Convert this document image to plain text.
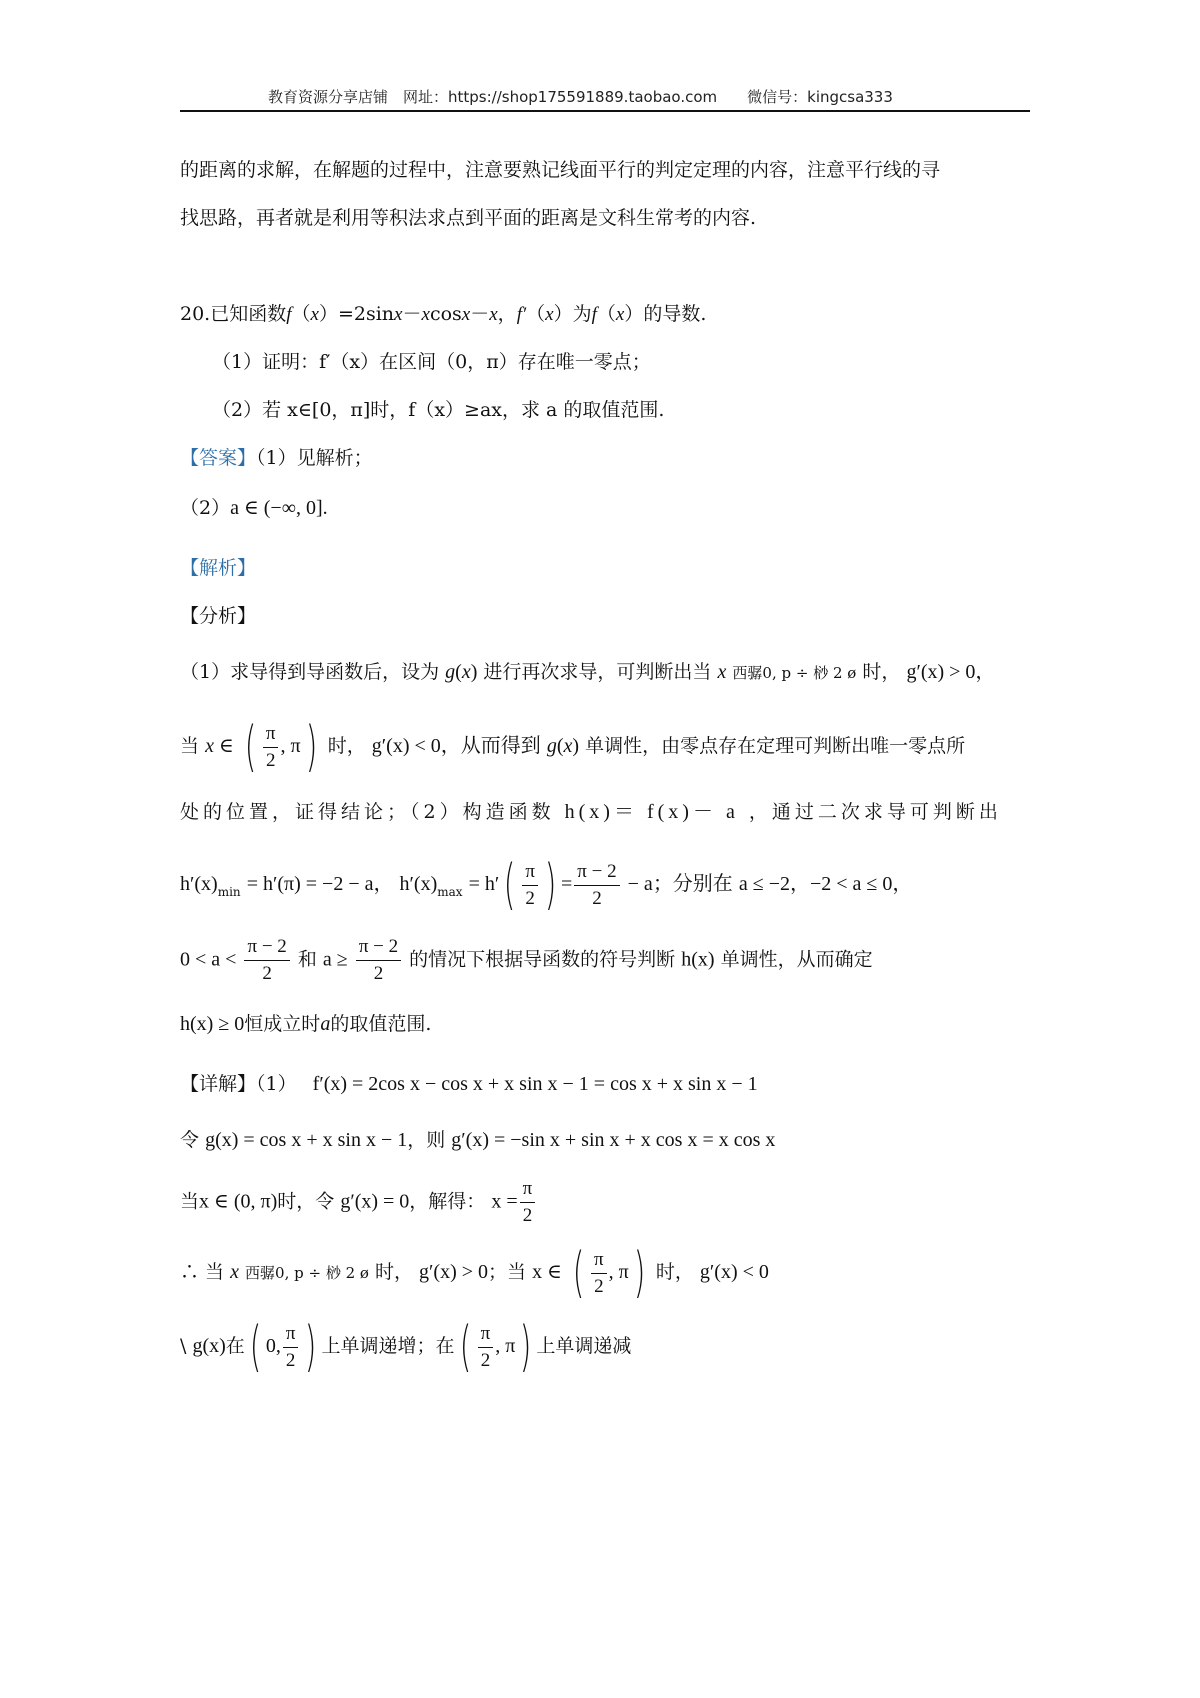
教育资源分享店铺　网址：https://shop175591889.taobao.com　　微信号：kingcsa333
的距离的求解，在解题的过程中，注意要熟记线面平行的判定定理的内容，注意平行线的寻
找思路，再者就是利用等积法求点到平面的距离是文科生常考的内容.
20.已知函数f（x）=2sinx－xcosx－x，f′（x）为f（x）的导数.
（1）证明：f′（x）在区间（0，π）存在唯一零点；
（2）若 x∈[0，π]时，f（x）≥ax，求 a 的取值范围.
【答案】（1）见解析；
（2）a ∈ (−∞, 0].
【解析】
【分析】
（1）求导得到导函数后，设为 g(x) 进行再次求导，可判断出当 x 西骣0, p ÷ 桫 2 ø 时， g′(x) > 0，
当 x ∈ ( $\frac{\pi}{2}$ , π) 时， g′(x) < 0，从而得到 g(x) 单调性，由零点存在定理可判断出唯一零点所
处的位置，证得结论；（2）构造函数 h(x)＝ f(x)－ a ，通过二次求导可判断出
$h'(x)_{min} = h'(\pi) = -2 - a$， $h'(x)_{max} = h'( \frac{\pi}{2}$ ) = $\frac{\pi - 2}{2} - a$；分别在 a ≤ −2，−2 < a ≤ 0，
$0 < a < \frac{\pi - 2}{2}$ 和 $a \ge \frac{\pi - 2}{2}$ 的情况下根据导函数的符号判断 h(x) 单调性，从而确定
h(x) ≥ 0恒成立时a的取值范围.
【详解】（1） f′(x) = 2cos x − cos x + x sin x − 1 = cos x + x sin x − 1
令 g(x) = cos x + x sin x − 1，则 g′(x) = −sin x + sin x + x cos x = x cos x
当x ∈ (0, π)时，令 g′(x) = 0，解得： $x = \frac{\pi}{2}$
∴ 当 x 西骣0, p ÷ 桫 2 ø 时， g′(x) > 0；当 x ∈ ( $\frac{\pi}{2}$ , π) 时， g′(x) < 0
\ g(x)在( 0, $\frac{\pi}{2}$ ) 上单调递增；在( $\frac{\pi}{2}$ , π) 上单调递减
